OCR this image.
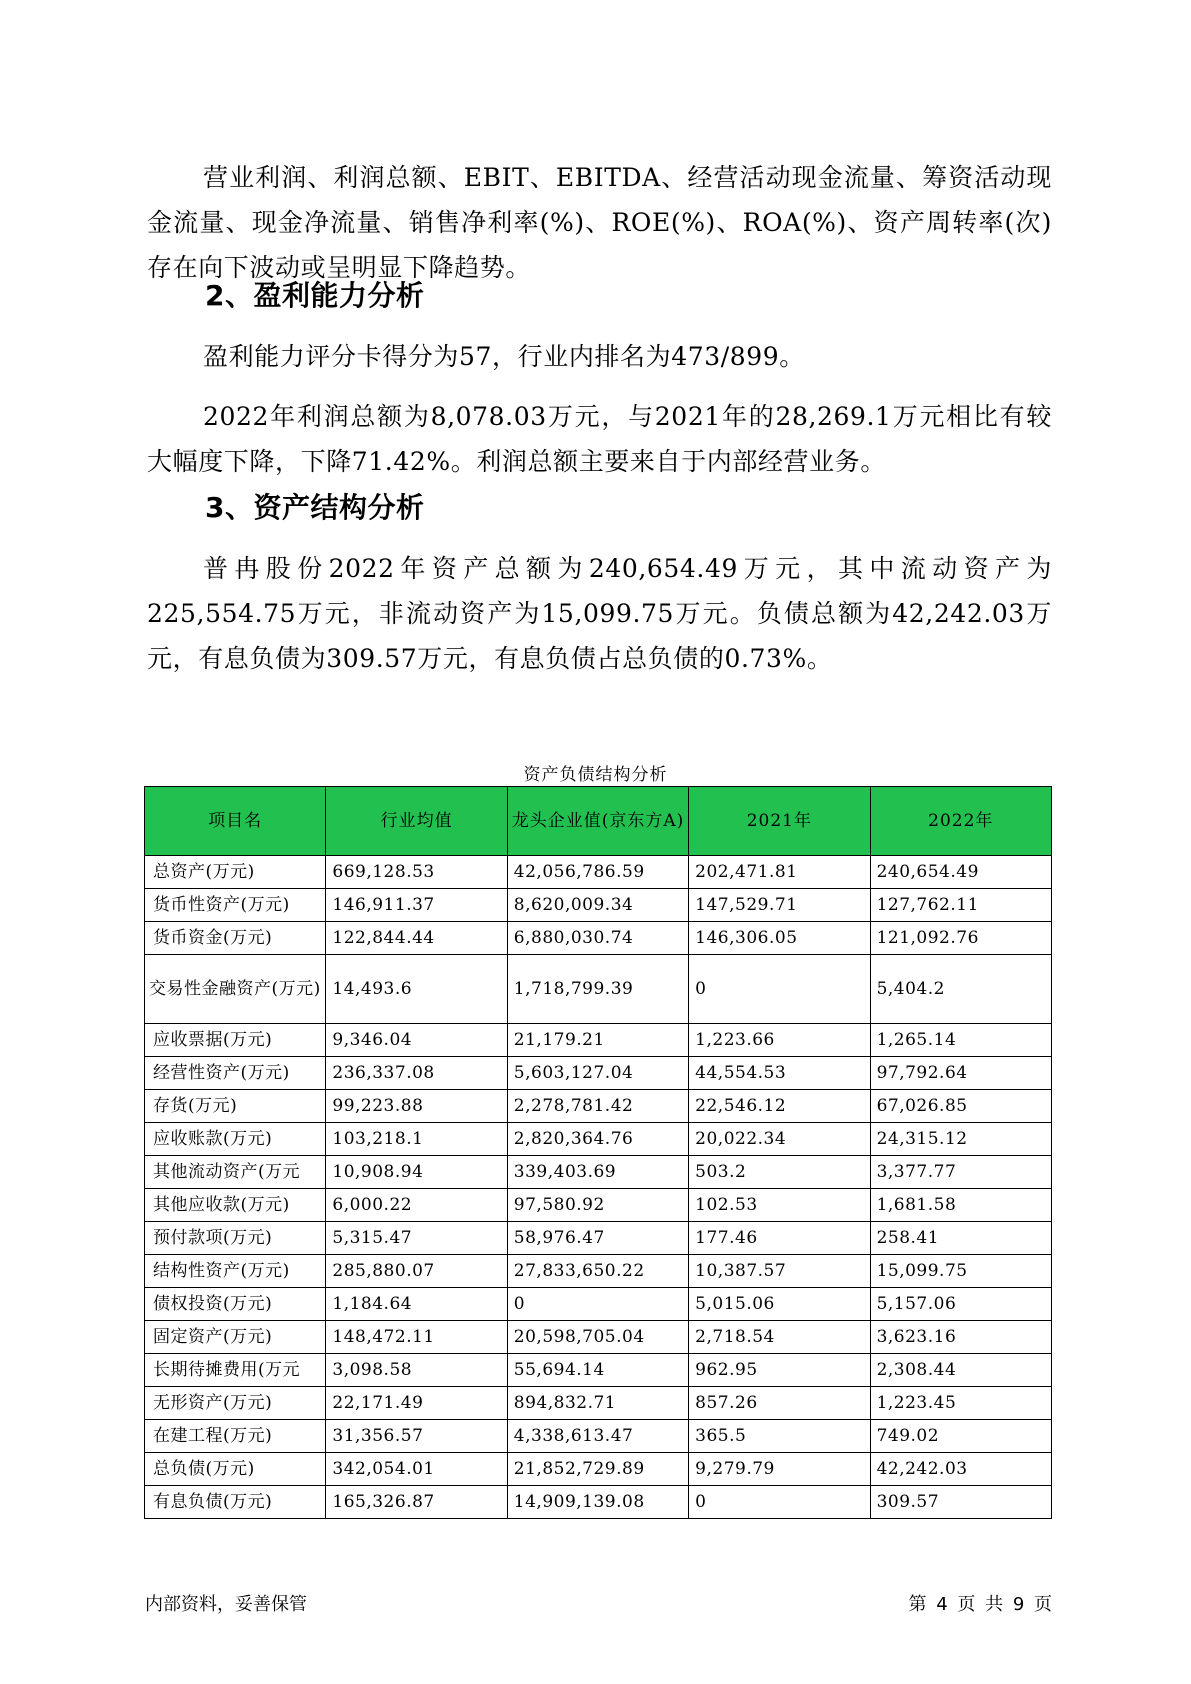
营业利润、利润总额、EBIT、EBITDA、经营活动现金流量、筹资活动现金流量、现金净流量、销售净利率(%)、ROE(%)、ROA(%)、资产周转率(次)存在向下波动或呈明显下降趋势。

2、盈利能力分析

盈利能力评分卡得分为57，行业内排名为473/899。

2022年利润总额为8,078.03万元，与2021年的28,269.1万元相比有较大幅度下降，下降71.42%。利润总额主要来自于内部经营业务。

3、资产结构分析

普冉股份2022年资产总额为240,654.49万元，其中流动资产为225,554.75万元，非流动资产为15,099.75万元。负债总额为42,242.03万元，有息负债为309.57万元，有息负债占总负债的0.73%。

资产负债结构分析
项目名	行业均值	龙头企业值(京东方A)	2021年	2022年
总资产(万元)	669,128.53	42,056,786.59	202,471.81	240,654.49
货币性资产(万元)	146,911.37	8,620,009.34	147,529.71	127,762.11
货币资金(万元)	122,844.44	6,880,030.74	146,306.05	121,092.76
交易性金融资产(万元)	14,493.6	1,718,799.39	0	5,404.2
应收票据(万元)	9,346.04	21,179.21	1,223.66	1,265.14
经营性资产(万元)	236,337.08	5,603,127.04	44,554.53	97,792.64
存货(万元)	99,223.88	2,278,781.42	22,546.12	67,026.85
应收账款(万元)	103,218.1	2,820,364.76	20,022.34	24,315.12
其他流动资产(万元	10,908.94	339,403.69	503.2	3,377.77
其他应收款(万元)	6,000.22	97,580.92	102.53	1,681.58
预付款项(万元)	5,315.47	58,976.47	177.46	258.41
结构性资产(万元)	285,880.07	27,833,650.22	10,387.57	15,099.75
债权投资(万元)	1,184.64	0	5,015.06	5,157.06
固定资产(万元)	148,472.11	20,598,705.04	2,718.54	3,623.16
长期待摊费用(万元	3,098.58	55,694.14	962.95	2,308.44
无形资产(万元)	22,171.49	894,832.71	857.26	1,223.45
在建工程(万元)	31,356.57	4,338,613.47	365.5	749.02
总负债(万元)	342,054.01	21,852,729.89	9,279.79	42,242.03
有息负债(万元)	165,326.87	14,909,139.08	0	309.57
内部资料，妥善保管	第 4 页 共 9 页
